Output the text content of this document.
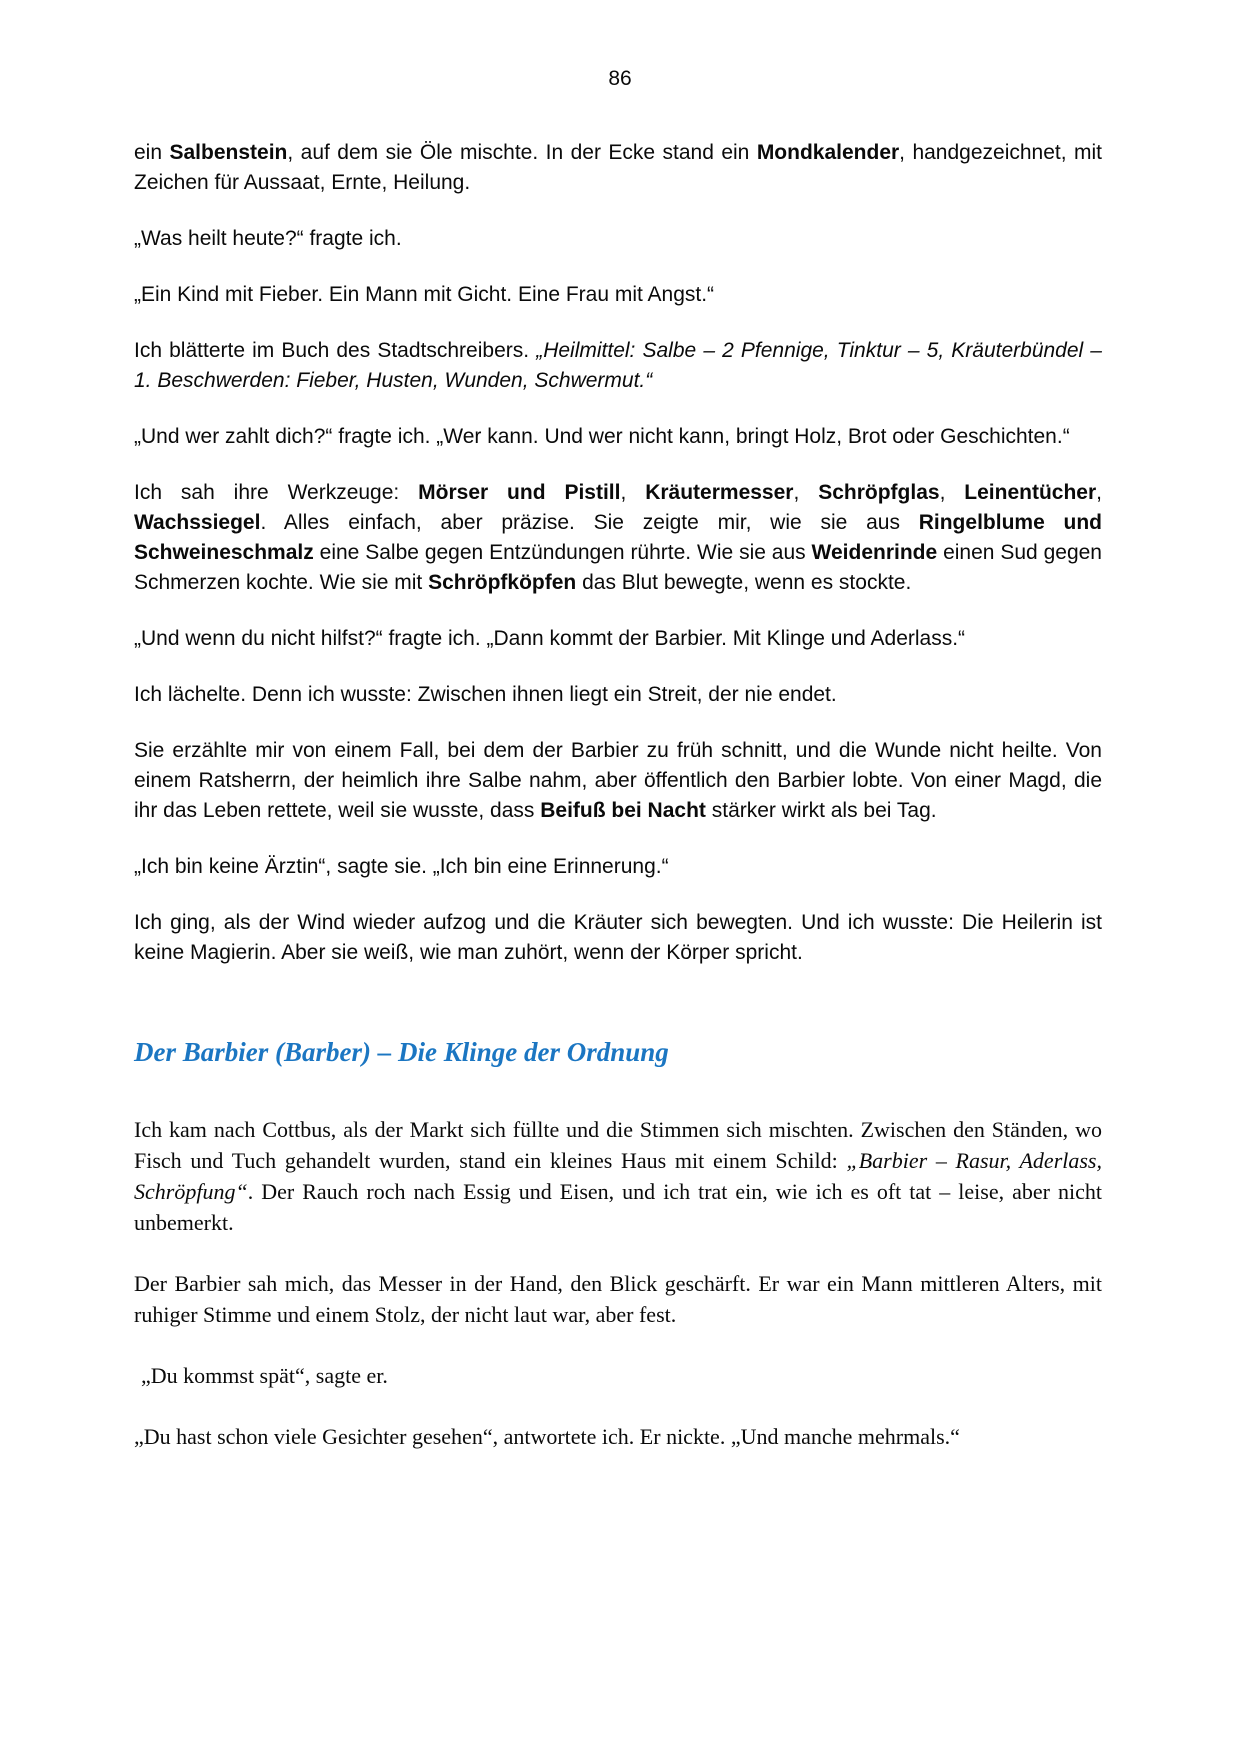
86

ein Salbenstein, auf dem sie Öle mischte. In der Ecke stand ein Mondkalender, handgezeichnet, mit Zeichen für Aussaat, Ernte, Heilung.

„Was heilt heute?“ fragte ich.

„Ein Kind mit Fieber. Ein Mann mit Gicht. Eine Frau mit Angst.“

Ich blätterte im Buch des Stadtschreibers. „Heilmittel: Salbe – 2 Pfennige, Tinktur – 5, Kräuterbündel – 1. Beschwerden: Fieber, Husten, Wunden, Schwermut.“

„Und wer zahlt dich?“ fragte ich. „Wer kann. Und wer nicht kann, bringt Holz, Brot oder Geschichten.“

Ich sah ihre Werkzeuge: Mörser und Pistill, Kräutermesser, Schröpfglas, Leinentücher, Wachssiegel. Alles einfach, aber präzise. Sie zeigte mir, wie sie aus Ringelblume und Schweineschmalz eine Salbe gegen Entzündungen rührte. Wie sie aus Weidenrinde einen Sud gegen Schmerzen kochte. Wie sie mit Schröpfköpfen das Blut bewegte, wenn es stockte.

„Und wenn du nicht hilfst?“ fragte ich. „Dann kommt der Barbier. Mit Klinge und Aderlass.“

Ich lächelte. Denn ich wusste: Zwischen ihnen liegt ein Streit, der nie endet.

Sie erzählte mir von einem Fall, bei dem der Barbier zu früh schnitt, und die Wunde nicht heilte. Von einem Ratsherrn, der heimlich ihre Salbe nahm, aber öffentlich den Barbier lobte. Von einer Magd, die ihr das Leben rettete, weil sie wusste, dass Beifuß bei Nacht stärker wirkt als bei Tag.

„Ich bin keine Ärztin“, sagte sie. „Ich bin eine Erinnerung.“

Ich ging, als der Wind wieder aufzog und die Kräuter sich bewegten. Und ich wusste: Die Heilerin ist keine Magierin. Aber sie weiß, wie man zuhört, wenn der Körper spricht.

Der Barbier (Barber) – Die Klinge der Ordnung

Ich kam nach Cottbus, als der Markt sich füllte und die Stimmen sich mischten. Zwischen den Ständen, wo Fisch und Tuch gehandelt wurden, stand ein kleines Haus mit einem Schild: „Barbier – Rasur, Aderlass, Schröpfung“. Der Rauch roch nach Essig und Eisen, und ich trat ein, wie ich es oft tat – leise, aber nicht unbemerkt.

Der Barbier sah mich, das Messer in der Hand, den Blick geschärft. Er war ein Mann mittleren Alters, mit ruhiger Stimme und einem Stolz, der nicht laut war, aber fest.

„Du kommst spät“, sagte er.

„Du hast schon viele Gesichter gesehen“, antwortete ich. Er nickte. „Und manche mehrmals.“
